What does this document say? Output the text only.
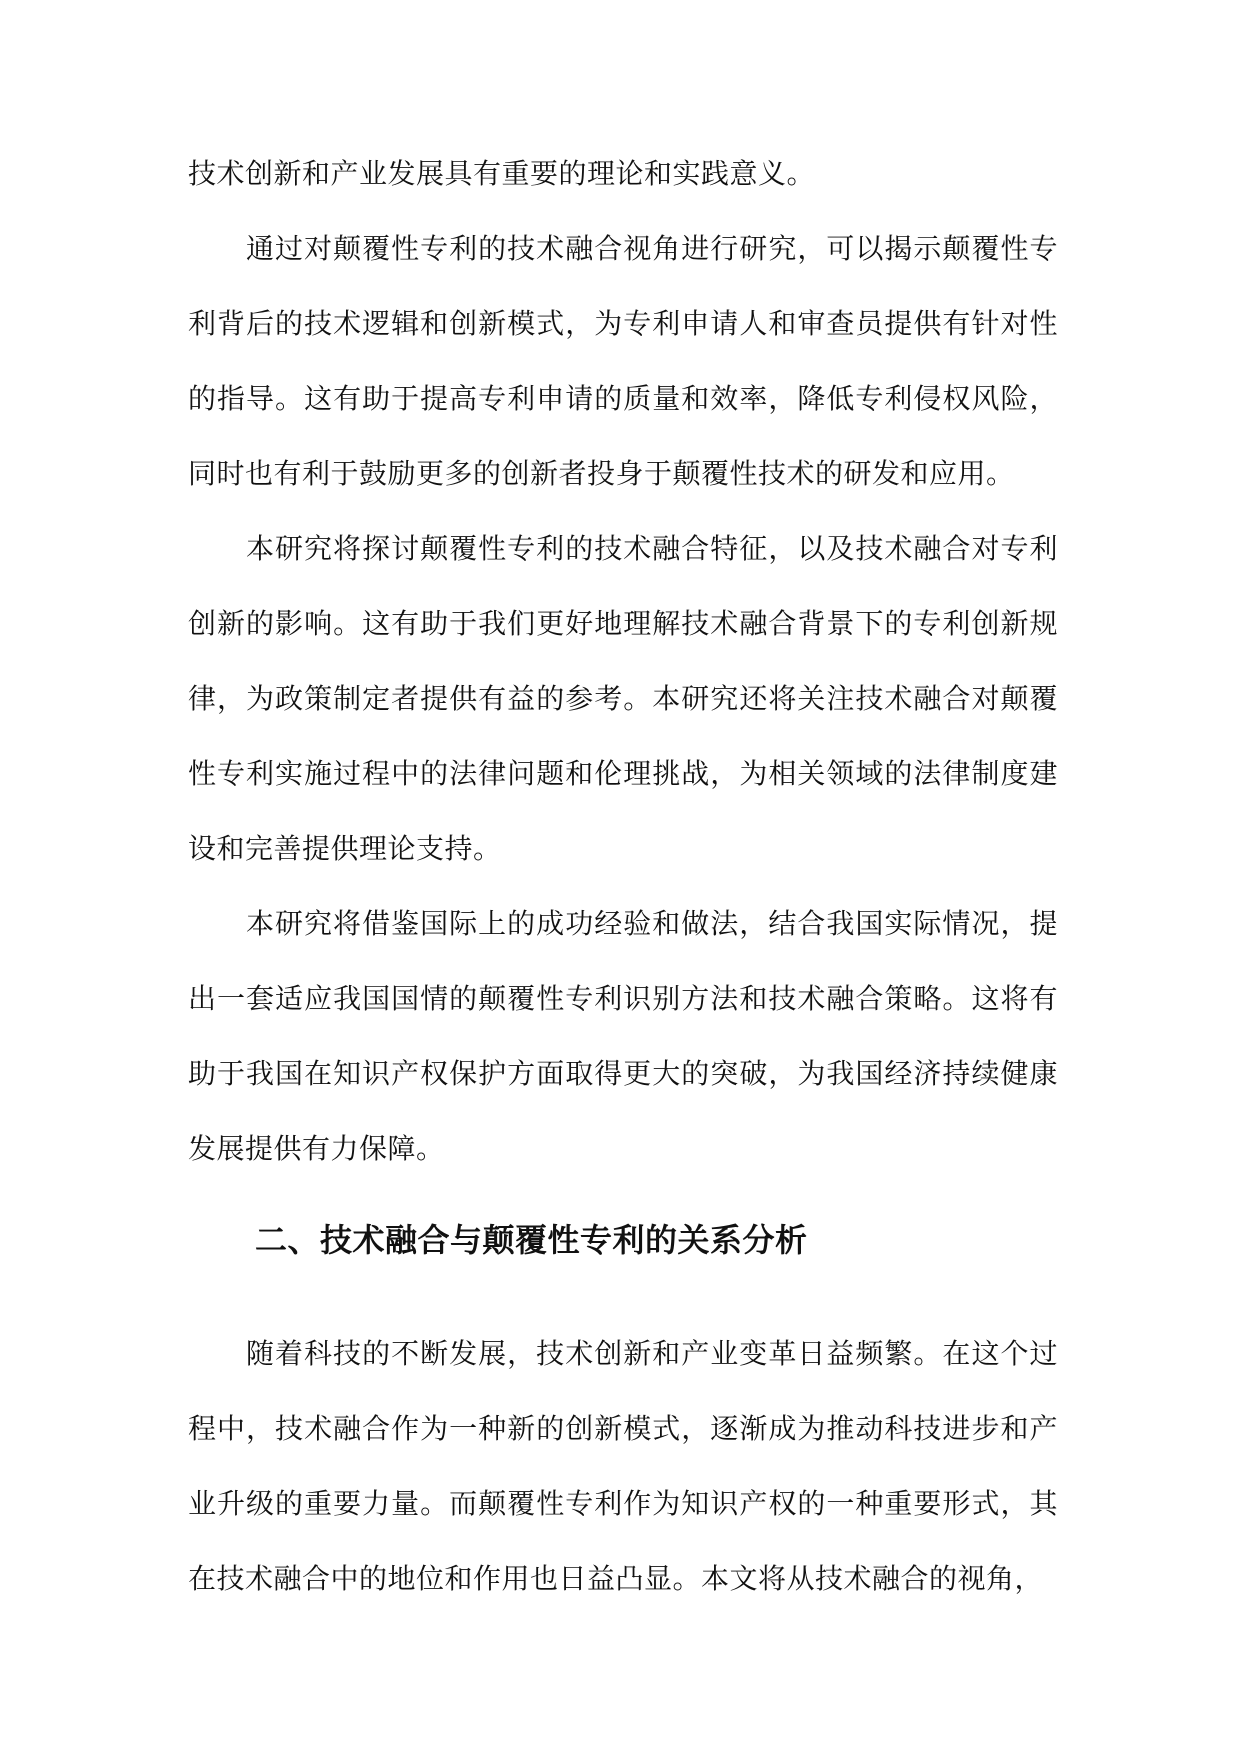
技术创新和产业发展具有重要的理论和实践意义。

通过对颠覆性专利的技术融合视角进行研究，可以揭示颠覆性专利背后的技术逻辑和创新模式，为专利申请人和审查员提供有针对性的指导。这有助于提高专利申请的质量和效率，降低专利侵权风险，同时也有利于鼓励更多的创新者投身于颠覆性技术的研发和应用。

本研究将探讨颠覆性专利的技术融合特征，以及技术融合对专利创新的影响。这有助于我们更好地理解技术融合背景下的专利创新规律，为政策制定者提供有益的参考。本研究还将关注技术融合对颠覆性专利实施过程中的法律问题和伦理挑战，为相关领域的法律制度建设和完善提供理论支持。

本研究将借鉴国际上的成功经验和做法，结合我国实际情况，提出一套适应我国国情的颠覆性专利识别方法和技术融合策略。这将有助于我国在知识产权保护方面取得更大的突破，为我国经济持续健康发展提供有力保障。

二、技术融合与颠覆性专利的关系分析

随着科技的不断发展，技术创新和产业变革日益频繁。在这个过程中，技术融合作为一种新的创新模式，逐渐成为推动科技进步和产业升级的重要力量。而颠覆性专利作为知识产权的一种重要形式，其在技术融合中的地位和作用也日益凸显。本文将从技术融合的视角，
